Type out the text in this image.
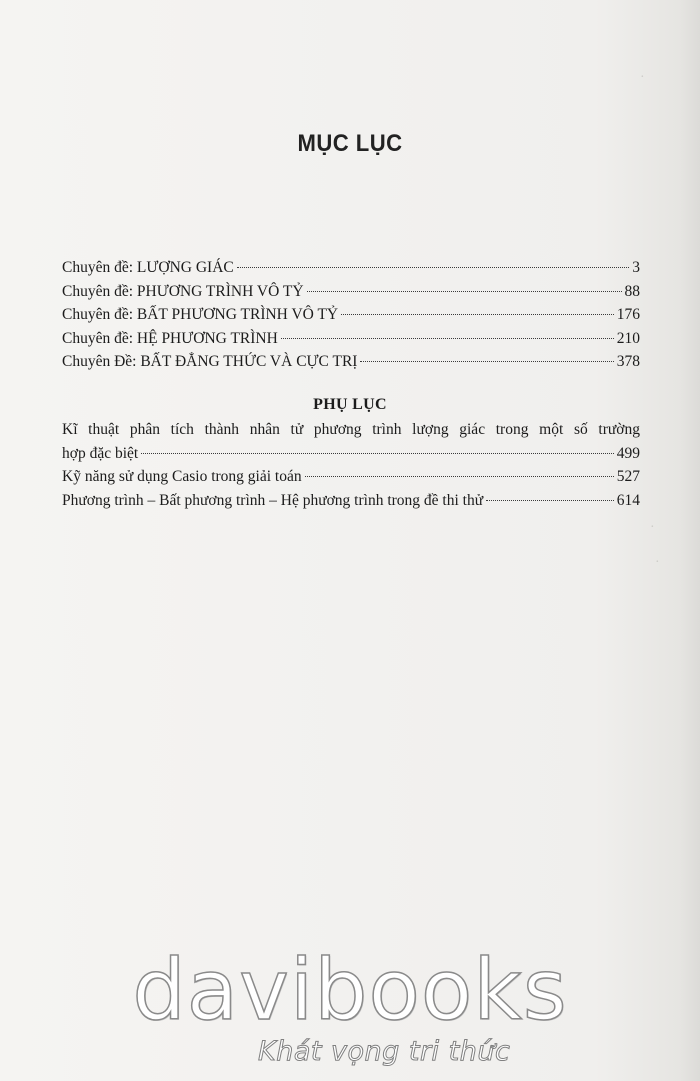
·
·
·
MỤC LỤC
Chuyên đề: LƯỢNG GIÁC	3
Chuyên đề: PHƯƠNG TRÌNH VÔ TỶ	88
Chuyên đề: BẤT PHƯƠNG TRÌNH VÔ TỶ	176
Chuyên đề: HỆ PHƯƠNG TRÌNH	210
Chuyên Đề: BẤT ĐẲNG THỨC VÀ CỰC TRỊ	378
PHỤ LỤC
Kĩ thuật phân tích thành nhân tử phương trình lượng giác trong một số trường
hợp đặc biệt	499
Kỹ năng sử dụng Casio trong giải toán	527
Phương trình – Bất phương trình – Hệ phương trình trong đề thi thử	614
davibooks
Khát vọng tri thức
